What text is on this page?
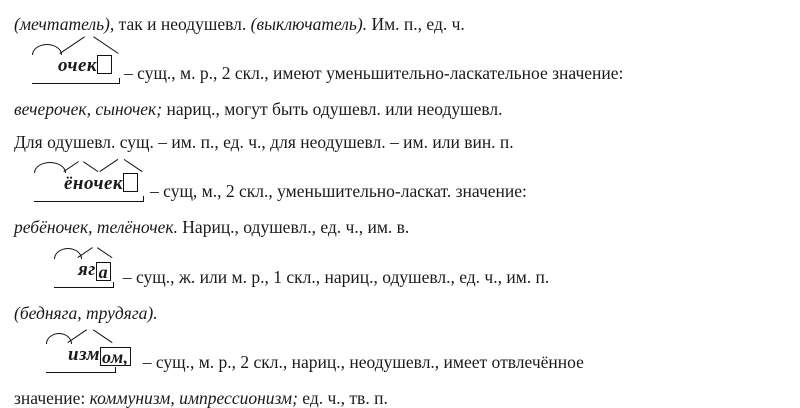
(мечтатель), так и неодушевл. (выключатель). Им. п., ед. ч.
очек	– сущ., м. р., 2 скл., имеют уменьшительно-ласкательное значение:
вечерочек, сыночек; нариц., могут быть одушевл. или неодушевл.
Для одушевл. сущ. – им. п., ед. ч., для неодушевл. – им. или вин. п.
ёночек	– сущ, м., 2 скл., уменьшительно-ласкат. значение:
ребёночек, телёночек. Нариц., одушевл., ед. ч., им. в.
яг а – сущ., ж. или м. р., 1 скл., нариц., одушевл., ед. ч., им. п.
(бедняга, трудяга).
изм ом, – сущ., м. р., 2 скл., нариц., неодушевл., имеет отвлечённое
значение: коммунизм, импрессионизм; ед. ч., тв. п.
